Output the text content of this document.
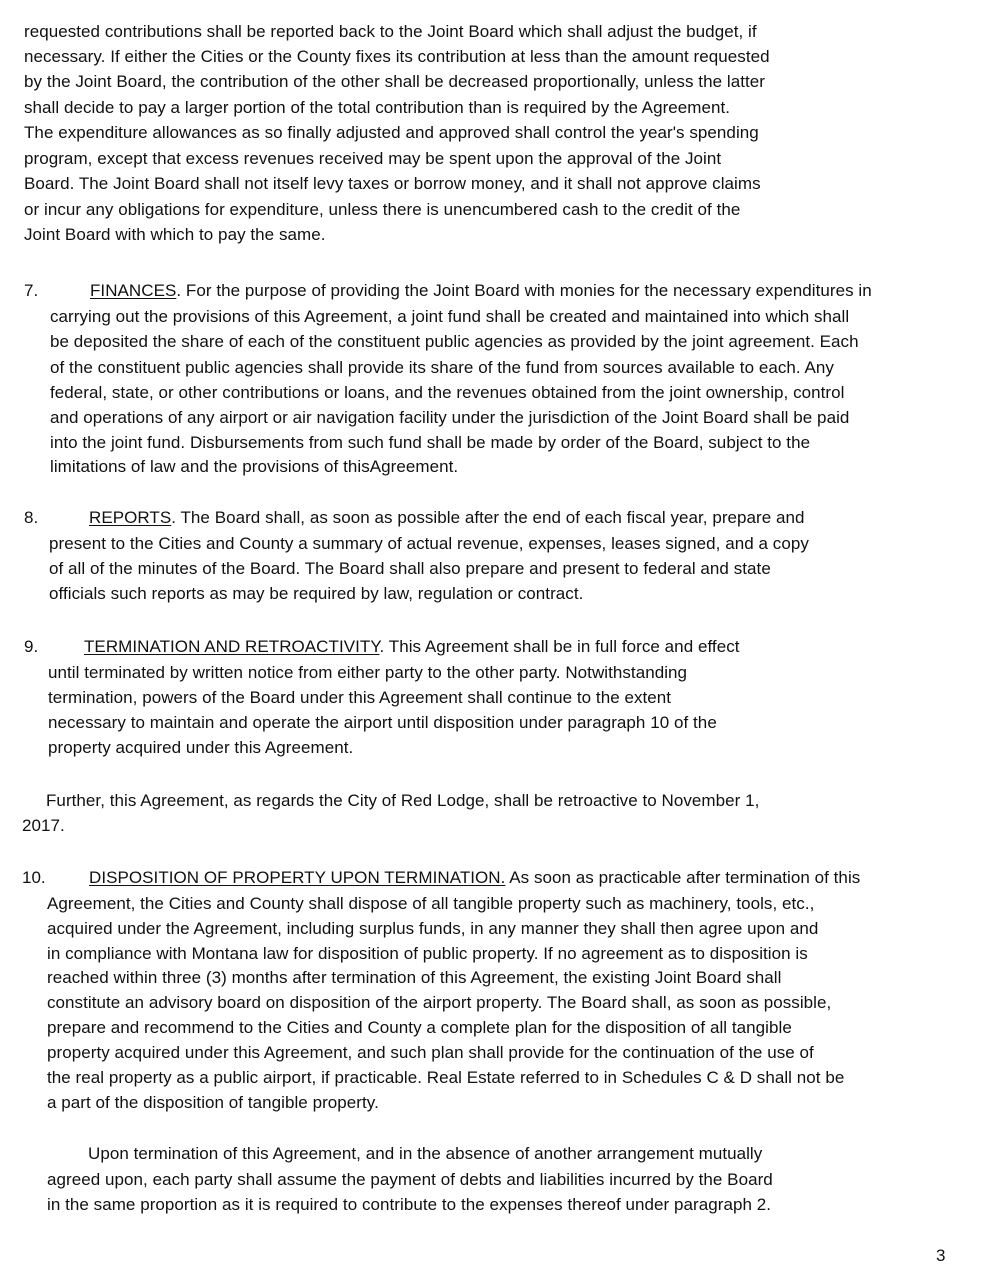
requested contributions shall be reported back to the Joint Board which shall adjust the budget, if
necessary. If either the Cities or the County fixes its contribution at less than the amount requested
by the Joint Board, the contribution of the other shall be decreased proportionally, unless the latter
shall decide to pay a larger portion of the total contribution than is required by the Agreement.
The expenditure allowances as so finally adjusted and approved shall control the year's spending
program, except that excess revenues received may be spent upon the approval of the Joint
Board. The Joint Board shall not itself levy taxes or borrow money, and it shall not approve claims
or incur any obligations for expenditure, unless there is unencumbered cash to the credit of the
Joint Board with which to pay the same.
7.	FINANCES. For the purpose of providing the Joint Board with monies for the necessary expenditures in
carrying out the provisions of this Agreement, a joint fund shall be created and maintained into which shall
be deposited the share of each of the constituent public agencies as provided by the joint agreement. Each
of the constituent public agencies shall provide its share of the fund from sources available to each. Any
federal, state, or other contributions or loans, and the revenues obtained from the joint ownership, control
and operations of any airport or air navigation facility under the jurisdiction of the Joint Board shall be paid
into the joint fund. Disbursements from such fund shall be made by order of the Board, subject to the
limitations of law and the provisions of thisAgreement.
8.	REPORTS. The Board shall, as soon as possible after the end of each fiscal year, prepare and
present to the Cities and County a summary of actual revenue, expenses, leases signed, and a copy
of all of the minutes of the Board. The Board shall also prepare and present to federal and state
officials such reports as may be required by law, regulation or contract.
9.	TERMINATION AND RETROACTIVITY. This Agreement shall be in full force and effect
until terminated by written notice from either party to the other party. Notwithstanding
termination, powers of the Board under this Agreement shall continue to the extent
necessary to maintain and operate the airport until disposition under paragraph 10 of the
property acquired under this Agreement.
Further, this Agreement, as regards the City of Red Lodge, shall be retroactive to November 1,
2017.
10.	DISPOSITION OF PROPERTY UPON TERMINATION. As soon as practicable after termination of this
Agreement, the Cities and County shall dispose of all tangible property such as machinery, tools, etc.,
acquired under the Agreement, including surplus funds, in any manner they shall then agree upon and
in compliance with Montana law for disposition of public property. If no agreement as to disposition is
reached within three (3) months after termination of this Agreement, the existing Joint Board shall
constitute an advisory board on disposition of the airport property. The Board shall, as soon as possible,
prepare and recommend to the Cities and County a complete plan for the disposition of all tangible
property acquired under this Agreement, and such plan shall provide for the continuation of the use of
the real property as a public airport, if practicable. Real Estate referred to in Schedules C & D shall not be
a part of the disposition of tangible property.
Upon termination of this Agreement, and in the absence of another arrangement mutually
agreed upon, each party shall assume the payment of debts and liabilities incurred by the Board
in the same proportion as it is required to contribute to the expenses thereof under paragraph 2.
3
